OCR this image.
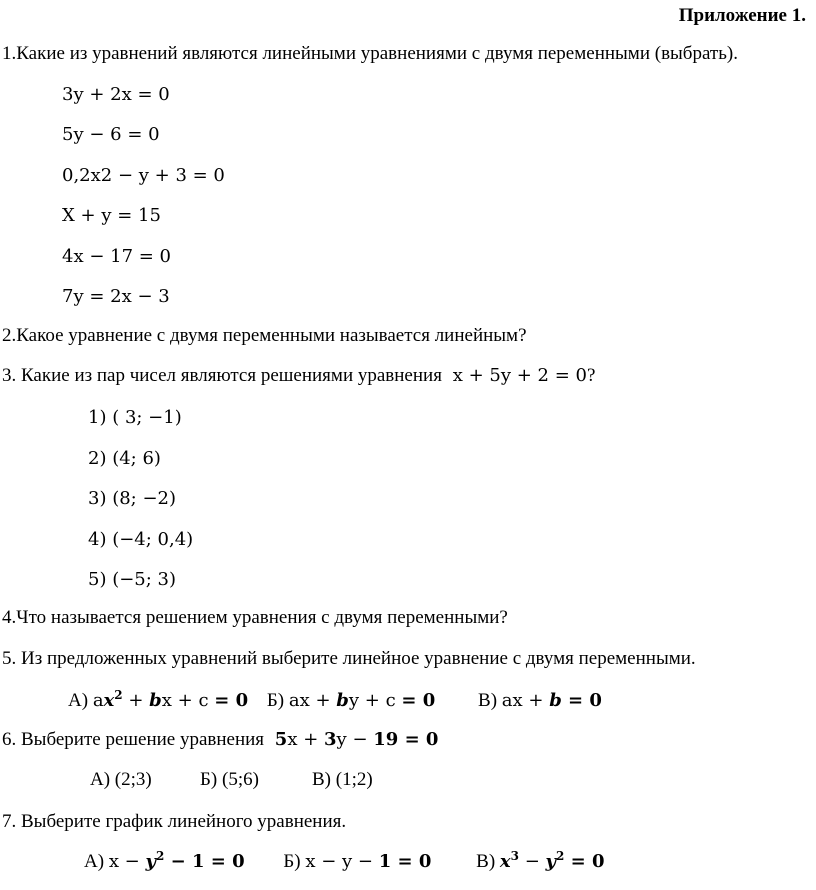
Приложение 1.
1.Какие из уравнений являются линейными уравнениями с двумя переменными (выбрать).
3y + 2x = 0
5y − 6 = 0
0,2x2 − y + 3 = 0
X + y = 15
4x − 17 = 0
7y = 2x − 3
2.Какое уравнение с двумя переменными называется линейным?
3. Какие из пар чисел являются решениями уравнения x + 5y + 2 = 0?
1) ( 3; −1)
2) (4; 6)
3) (8; −2)
4) (−4; 0,4)
5) (−5; 3)
4.Что называется решением уравнения с двумя переменными?
5. Из предложенных уравнений выберите линейное уравнение с двумя переменными.
А) $ax^2$ + bx + c = 0 Б) ax + by + c = 0 В) ax + b = 0
6. Выберите решение уравнения 5x + 3y − 19 = 0
А) (2;3)	Б) (5;6)	В) (1;2)
7. Выберите график линейного уравнения.
А) $x - y^2 - 1 = 0$ Б) x − y − 1 = 0 В) $x^3 - y^2 = 0$
